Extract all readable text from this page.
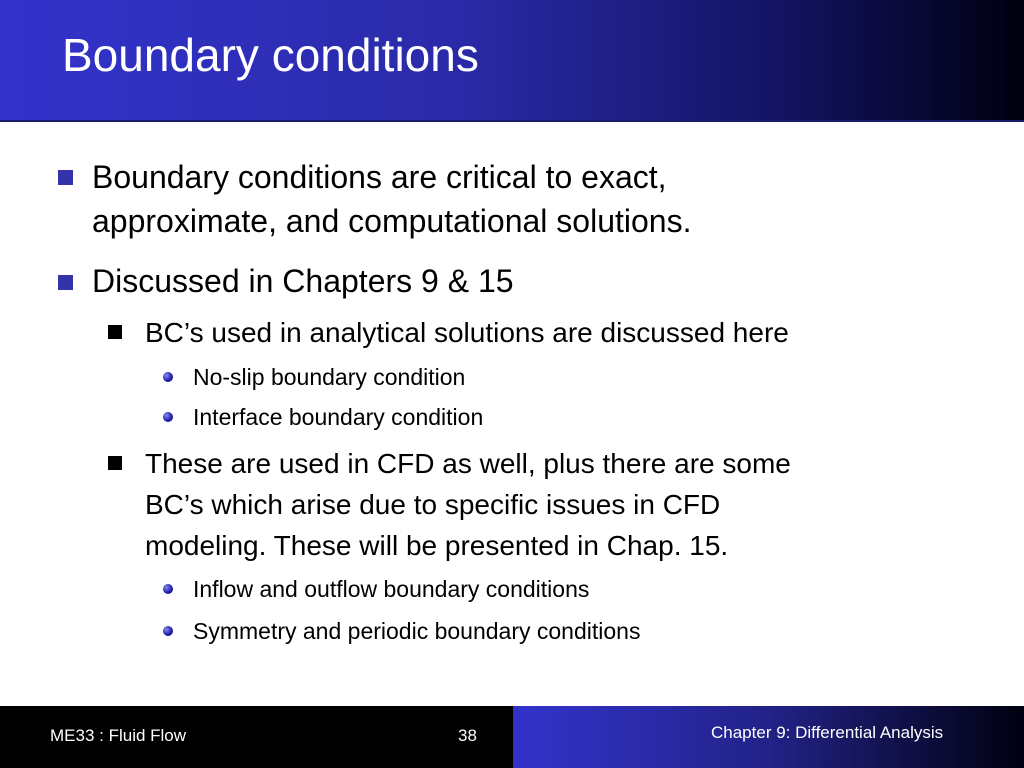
Boundary conditions
Boundary conditions are critical to exact,
approximate, and computational solutions.
Discussed in Chapters 9 & 15
BC’s used in analytical solutions are discussed here
No-slip boundary condition
Interface boundary condition
These are used in CFD as well, plus there are some
BC’s which arise due to specific issues in CFD
modeling. These will be presented in Chap. 15.
Inflow and outflow boundary conditions
Symmetry and periodic boundary conditions
ME33 : Fluid Flow	38	Chapter 9: Differential Analysis
